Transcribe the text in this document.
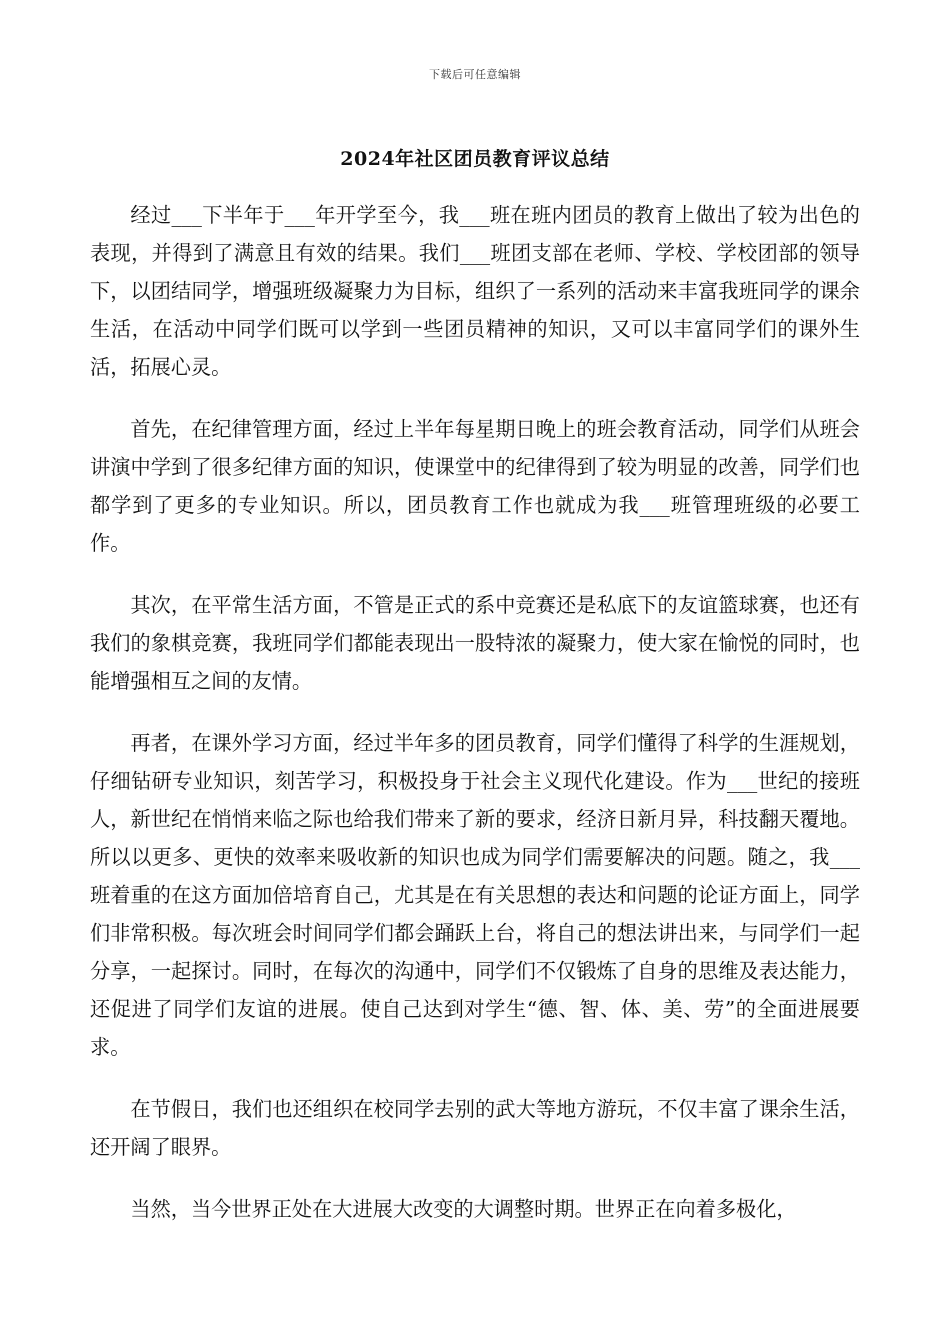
下载后可任意编辑
2024年社区团员教育评议总结

经过___下半年于___年开学至今，我___班在班内团员的教育上做出了较为出色的表现，并得到了满意且有效的结果。我们___班团支部在老师、学校、学校团部的领导下，以团结同学，增强班级凝聚力为目标，组织了一系列的活动来丰富我班同学的课余生活，在活动中同学们既可以学到一些团员精神的知识，又可以丰富同学们的课外生活，拓展心灵。

首先，在纪律管理方面，经过上半年每星期日晚上的班会教育活动，同学们从班会讲演中学到了很多纪律方面的知识，使课堂中的纪律得到了较为明显的改善，同学们也都学到了更多的专业知识。所以，团员教育工作也就成为我___班管理班级的必要工作。

其次，在平常生活方面，不管是正式的系中竞赛还是私底下的友谊篮球赛，也还有我们的象棋竞赛，我班同学们都能表现出一股特浓的凝聚力，使大家在愉悦的同时，也能增强相互之间的友情。

再者，在课外学习方面，经过半年多的团员教育，同学们懂得了科学的生涯规划，仔细钻研专业知识，刻苦学习，积极投身于社会主义现代化建设。作为___世纪的接班人，新世纪在悄悄来临之际也给我们带来了新的要求，经济日新月异，科技翻天覆地。所以以更多、更快的效率来吸收新的知识也成为同学们需要解决的问题。随之，我___班着重的在这方面加倍培育自己，尤其是在有关思想的表达和问题的论证方面上，同学们非常积极。每次班会时间同学们都会踊跃上台，将自己的想法讲出来，与同学们一起分享，一起探讨。同时，在每次的沟通中，同学们不仅锻炼了自身的思维及表达能力，还促进了同学们友谊的进展。使自己达到对学生“德、智、体、美、劳”的全面进展要求。

在节假日，我们也还组织在校同学去别的武大等地方游玩，不仅丰富了课余生活，还开阔了眼界。

当然，当今世界正处在大进展大改变的大调整时期。世界正在向着多极化，
